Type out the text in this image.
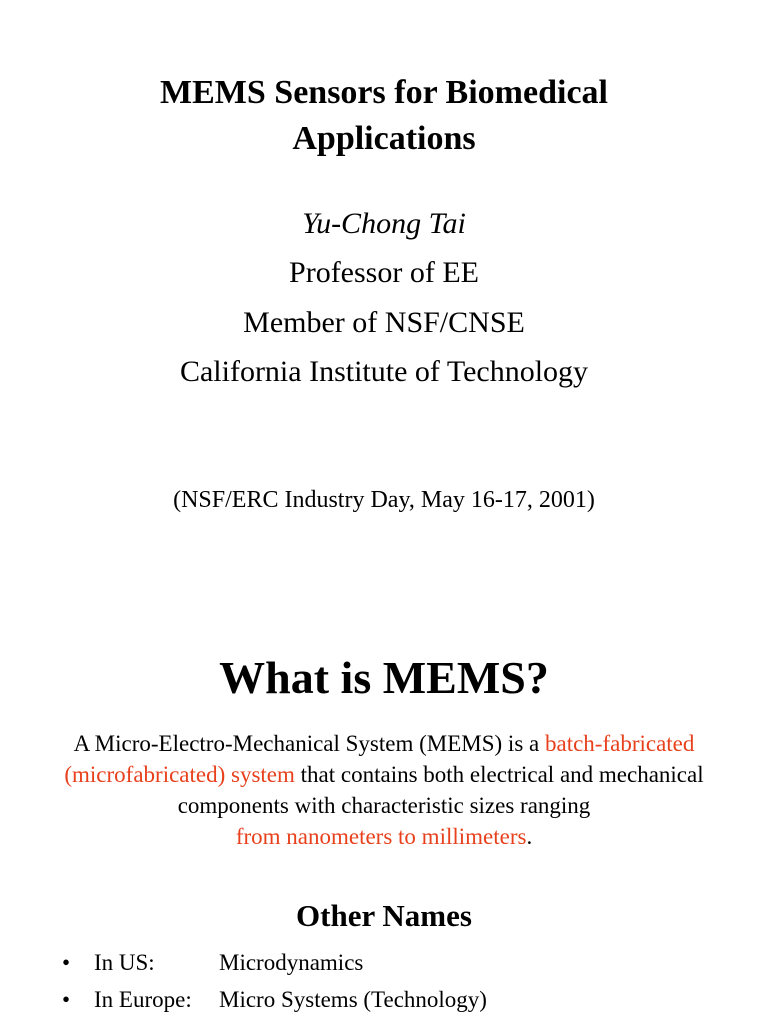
MEMS Sensors for Biomedical
Applications
Yu-Chong Tai
Professor of EE
Member of NSF/CNSE
California Institute of Technology
(NSF/ERC Industry Day, May 16-17, 2001)
What is MEMS?
A Micro-Electro-Mechanical System (MEMS) is a batch-fabricated
(microfabricated) system that contains both electrical and mechanical
components with characteristic sizes ranging
from nanometers to millimeters.
Other Names
•	In US:	Microdynamics
•	In Europe:	Micro Systems (Technology)
